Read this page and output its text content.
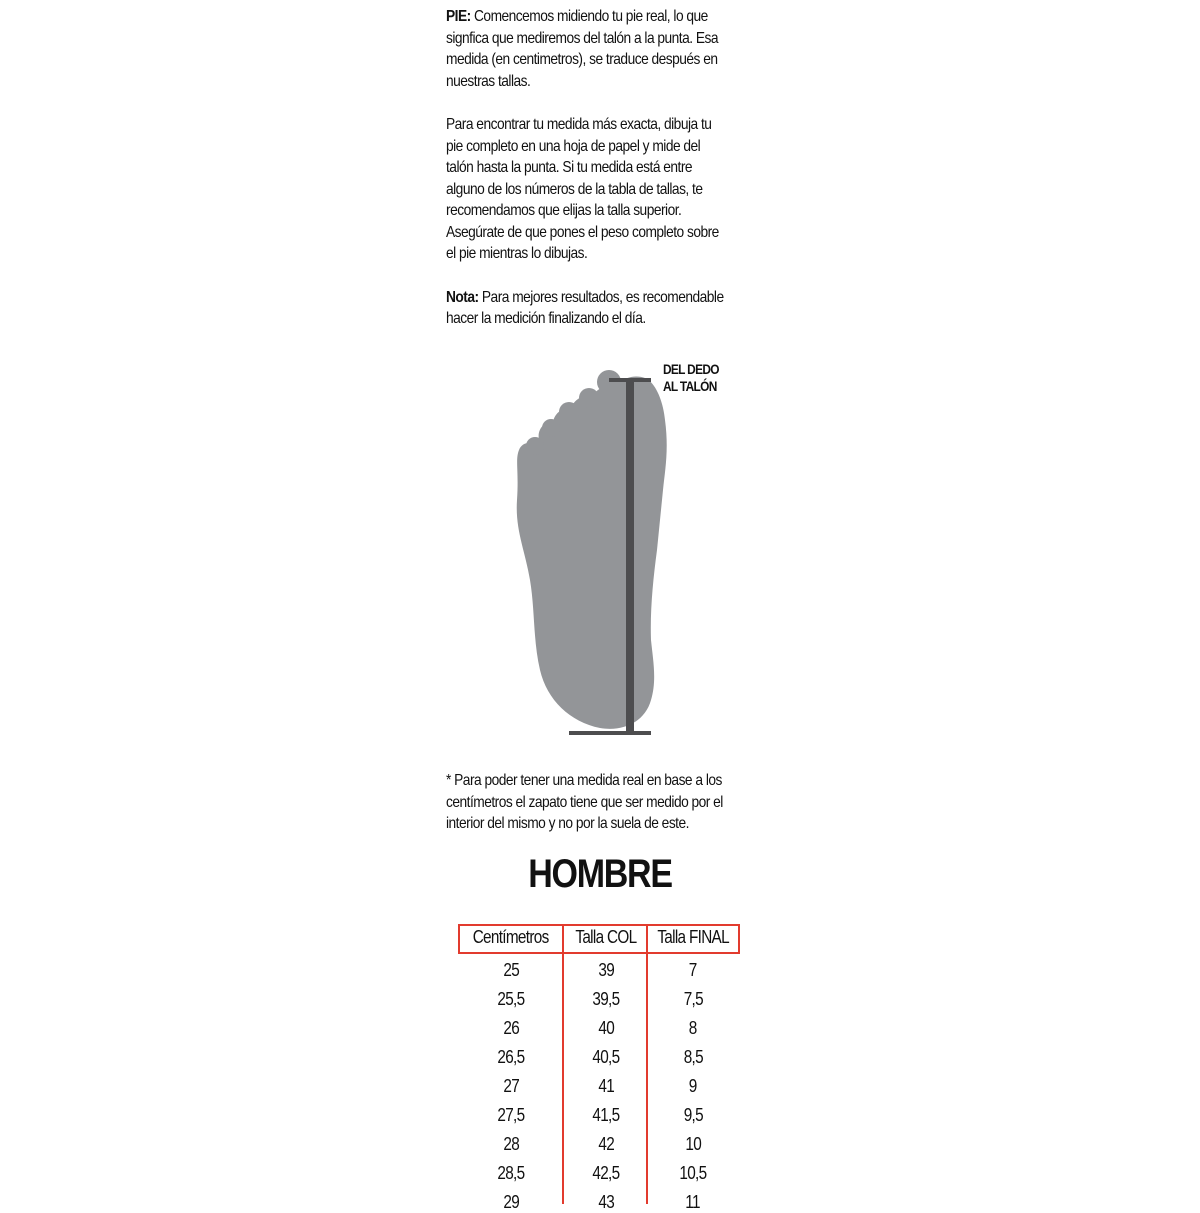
PIE: Comencemos midiendo tu pie real, lo que signfica que mediremos del talón a la punta. Esa medida (en centimetros), se traduce después en nuestras tallas.

Para encontrar tu medida más exacta, dibuja tu pie completo en una hoja de papel y mide del talón hasta la punta. Si tu medida está entre alguno de los números de la tabla de tallas, te recomendamos que elijas la talla superior. Asegúrate de que pones el peso completo sobre el pie mientras lo dibujas.

Nota: Para mejores resultados, es recomendable hacer la medición finalizando el día.

DEL DEDO
AL TALÓN
* Para poder tener una medida real en base a los centímetros el zapato tiene que ser medido por el interior del mismo y no por la suela de este.
HOMBRE
Centímetros	Talla COL	Talla FINAL
25	39	7
25,5	39,5	7,5
26	40	8
26,5	40,5	8,5
27	41	9
27,5	41,5	9,5
28	42	10
28,5	42,5	10,5
29	43	11
